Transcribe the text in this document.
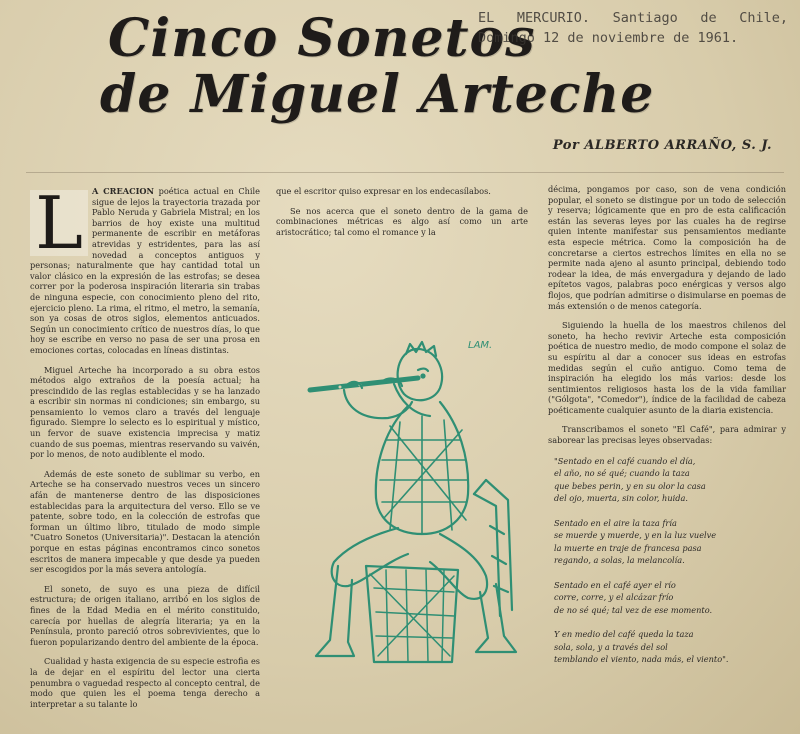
Cinco Sonetos
de Miguel Arteche
EL MERCURIO. Santiago de Chile, Domingo 12 de noviembre de 1961.
Por ALBERTO ARRAÑO, S. J.

L	A CREACION poética actual en Chile sigue de lejos la trayectoria trazada por Pablo Neruda y Gabriela Mistral; en los barrios de hoy existe una multitud permanente de escribir en metáforas atrevidas y estridentes, para las así novedad a conceptos antiguos y personas; naturalmente que hay cantidad total un valor clásico en la expresión de las estrofas; se desea correr por la poderosa inspiración literaria sin trabas de ninguna especie, con conocimiento pleno del rito, ejercicio pleno. La rima, el ritmo, el metro, la semanía, son ya cosas de otros siglos, elementos anticuados. Según un conocimiento crítico de nuestros días, lo que hoy se escribe en verso no pasa de ser una prosa en emociones cortas, colocadas en líneas distintas.

Miguel Arteche ha incorporado a su obra estos métodos algo extraños de la poesía actual; ha prescindido de las reglas establecidas y se ha lanzado a escribir sin normas ni condiciones; sin embargo, su pensamiento lo vemos claro a través del lenguaje figurado. Siempre lo selecto es lo espiritual y místico, un fervor de suave existencia imprecisa y matiz cuando de sus poemas, mientras reservando su vaivén, por lo menos, de noto audiblente el modo.

Además de este soneto de sublimar su verbo, en Arteche se ha conservado nuestros veces un sincero afán de mantenerse dentro de las disposiciones establecidas para la arquitectura del verso. Ello se ve patente, sobre todo, en la colección de estrofas que forman un último libro, titulado de modo simple "Cuatro Sonetos (Universitaria)". Destacan la atención porque en estas páginas encontramos cinco sonetos escritos de manera impecable y que desde ya pueden ser escogidos por la más severa antología.

El soneto, de suyo es una pieza de difícil estructura; de origen italiano, arribó en los siglos de fines de la Edad Media en el mérito constituido, carecía por huellas de alegría literaria; ya en la Península, pronto pareció otros sobrevivientes, que lo fueron popularizando dentro del ambiente de la época.

Cualidad y hasta exigencia de su especie estrofia es la de dejar en el espíritu del lector una cierta penumbra o vaguedad respecto al concepto central, de modo que quien les el poema tenga derecho a interpretar a su talante lo

que el escritor quiso expresar en los endecasílabos.

Se nos acerca que el soneto dentro de la gama de combinaciones métricas es algo así como un arte aristocrático; tal como el romance y la

LAM.

décima, pongamos por caso, son de vena condición popular, el soneto se distingue por un todo de selección y reserva; lógicamente que en pro de esta calificación están las severas leyes por las cuales ha de regirse quien intente manifestar sus pensamientos mediante esta especie métrica. Como la composición ha de concretarse a ciertos estrechos límites en ella no se permite nada ajeno al asunto principal, debiendo todo rodear la idea, de más envergadura y dejando de lado epítetos vagos, palabras poco enérgicas y versos algo flojos, que podrían admitirse o disimularse en poemas de más extensión o de menos categoría.

Siguiendo la huella de los maestros chilenos del soneto, ha hecho revivir Arteche esta composición poética de nuestro medio, de modo compone el solaz de su espíritu al dar a conocer sus ideas en estrofas medidas según el cuño antiguo. Como tema de inspiración ha elegido los más varios: desde los sentimientos religiosos hasta los de la vida familiar ("Gólgota", "Comedor"), índice de la facilidad de cabeza poéticamente cualquier asunto de la diaria existencia.

Transcribamos el soneto "El Café", para admirar y saborear las precisas leyes observadas:

"Sentado en el café cuando el día,
el año, no sé qué; cuando la taza
que bebes perin, y en su olor la casa
del ojo, muerta, sin color, huida.
Sentado en el aire la taza fría
se muerde y muerde, y en la luz vuelve
la muerte en traje de francesa pasa
regando, a solas, la melancolía.
Sentado en el café ayer el río
corre, corre, y el alcázar frío
de no sé qué; tal vez de ese momento.
Y en medio del café queda la taza
sola, sola, y a través del sol
temblando el viento, nada más, el viento".
